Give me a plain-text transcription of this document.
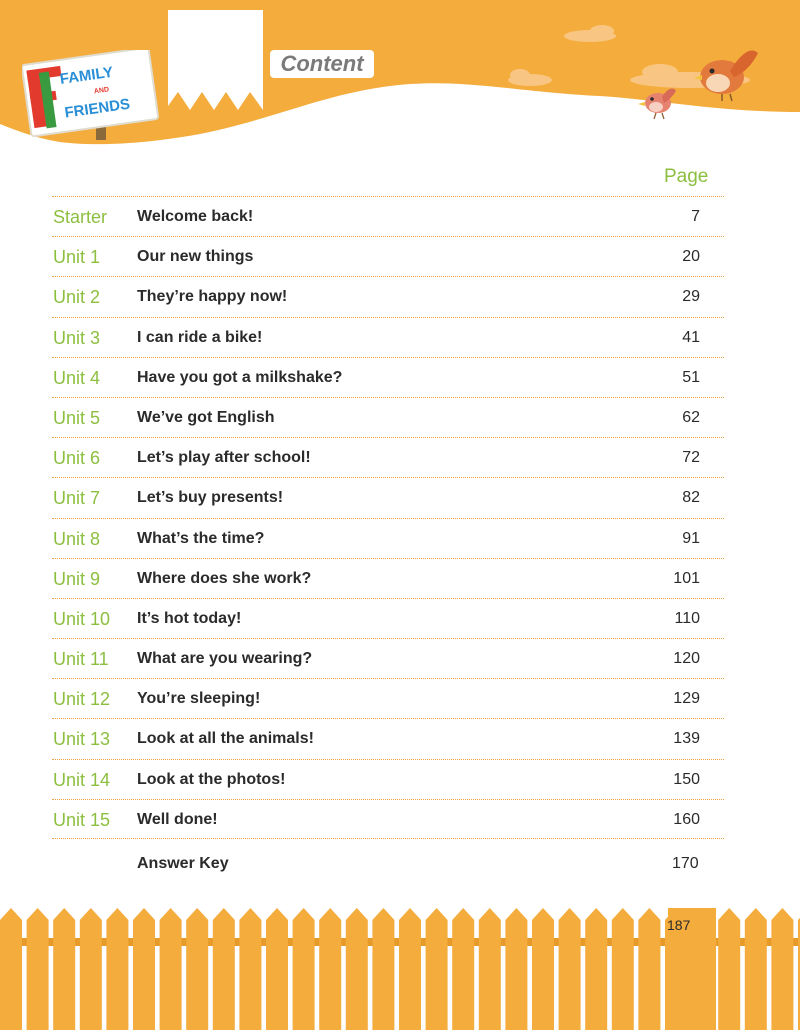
FAMILY
AND
FRIENDS
Content
Page
Starter Welcome back!	7
Unit 1 Our new things	20
Unit 2 They’re happy now!	29
Unit 3 I can ride a bike!	41
Unit 4 Have you got a milkshake?	51
Unit 5 We’ve got English	62
Unit 6 Let’s play after school!	72
Unit 7 Let’s buy presents!	82
Unit 8 What’s the time?	91
Unit 9 Where does she work?	101
Unit 10 It’s hot today!	110
Unit 11 What are you wearing?	120
Unit 12 You’re sleeping!	129
Unit 13 Look at all the animals!	139
Unit 14 Look at the photos!	150
Unit 15 Well done!	160
Answer Key	170
187
